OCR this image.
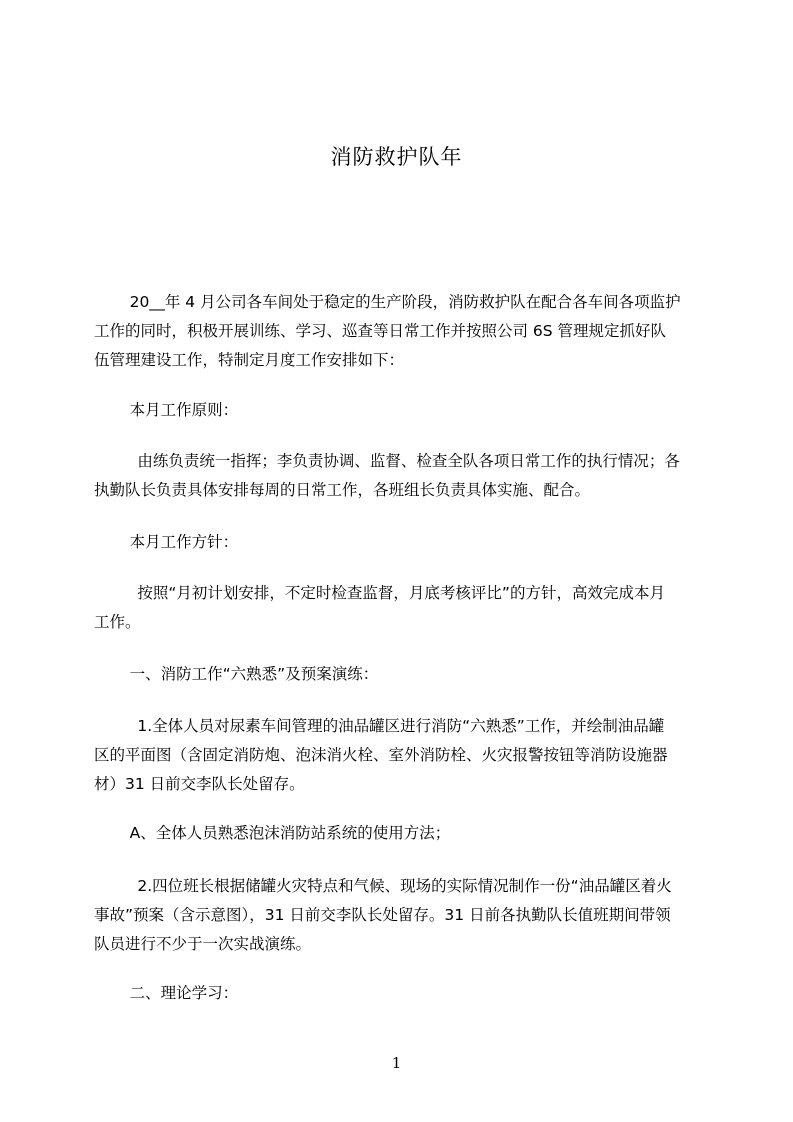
消防救护队年
20__年 4 月公司各车间处于稳定的生产阶段，消防救护队在配合各车间各项监护
工作的同时，积极开展训练、学习、巡查等日常工作并按照公司 6S 管理规定抓好队
伍管理建设工作，特制定月度工作安排如下：
本月工作原则：
由练负责统一指挥；李负责协调、监督、检查全队各项日常工作的执行情况；各
执勤队长负责具体安排每周的日常工作，各班组长负责具体实施、配合。
本月工作方针：
按照“月初计划安排，不定时检查监督，月底考核评比”的方针，高效完成本月
工作。
一、消防工作“六熟悉”及预案演练：
1.全体人员对尿素车间管理的油品罐区进行消防“六熟悉”工作，并绘制油品罐
区的平面图（含固定消防炮、泡沫消火栓、室外消防栓、火灾报警按钮等消防设施器
材）31 日前交李队长处留存。
A、全体人员熟悉泡沫消防站系统的使用方法；
2.四位班长根据储罐火灾特点和气候、现场的实际情况制作一份“油品罐区着火
事故”预案（含示意图），31 日前交李队长处留存。31 日前各执勤队长值班期间带领
队员进行不少于一次实战演练。
二、理论学习：
1
